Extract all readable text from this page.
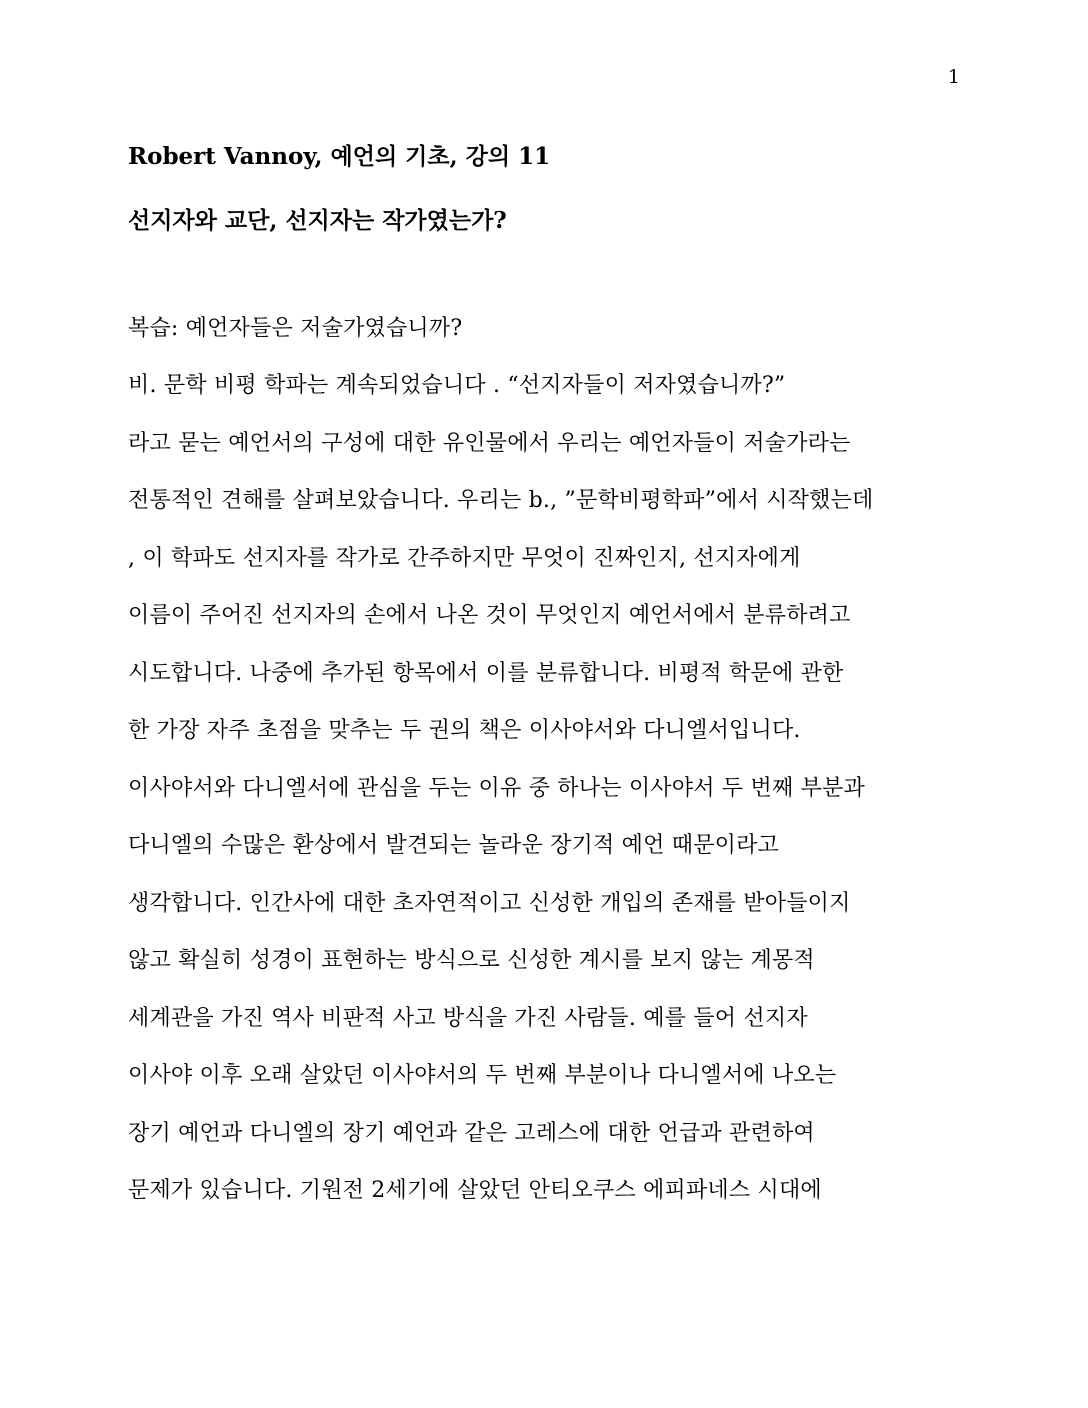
1
Robert Vannoy, 예언의 기초, 강의 11
선지자와 교단, 선지자는 작가였는가?
복습: 예언자들은 저술가였습니까?
비. 문학 비평 학파는 계속되었습니다 . “선지자들이 저자였습니까?”
라고 묻는 예언서의 구성에 대한 유인물에서 우리는 예언자들이 저술가라는
전통적인 견해를 살펴보았습니다. 우리는 b., ”문학비평학파”에서 시작했는데
, 이 학파도 선지자를 작가로 간주하지만 무엇이 진짜인지, 선지자에게
이름이 주어진 선지자의 손에서 나온 것이 무엇인지 예언서에서 분류하려고
시도합니다. 나중에 추가된 항목에서 이를 분류합니다. 비평적 학문에 관한
한 가장 자주 초점을 맞추는 두 권의 책은 이사야서와 다니엘서입니다.
이사야서와 다니엘서에 관심을 두는 이유 중 하나는 이사야서 두 번째 부분과
다니엘의 수많은 환상에서 발견되는 놀라운 장기적 예언 때문이라고
생각합니다. 인간사에 대한 초자연적이고 신성한 개입의 존재를 받아들이지
않고 확실히 성경이 표현하는 방식으로 신성한 계시를 보지 않는 계몽적
세계관을 가진 역사 비판적 사고 방식을 가진 사람들. 예를 들어 선지자
이사야 이후 오래 살았던 이사야서의 두 번째 부분이나 다니엘서에 나오는
장기 예언과 다니엘의 장기 예언과 같은 고레스에 대한 언급과 관련하여
문제가 있습니다. 기원전 2세기에 살았던 안티오쿠스 에피파네스 시대에
